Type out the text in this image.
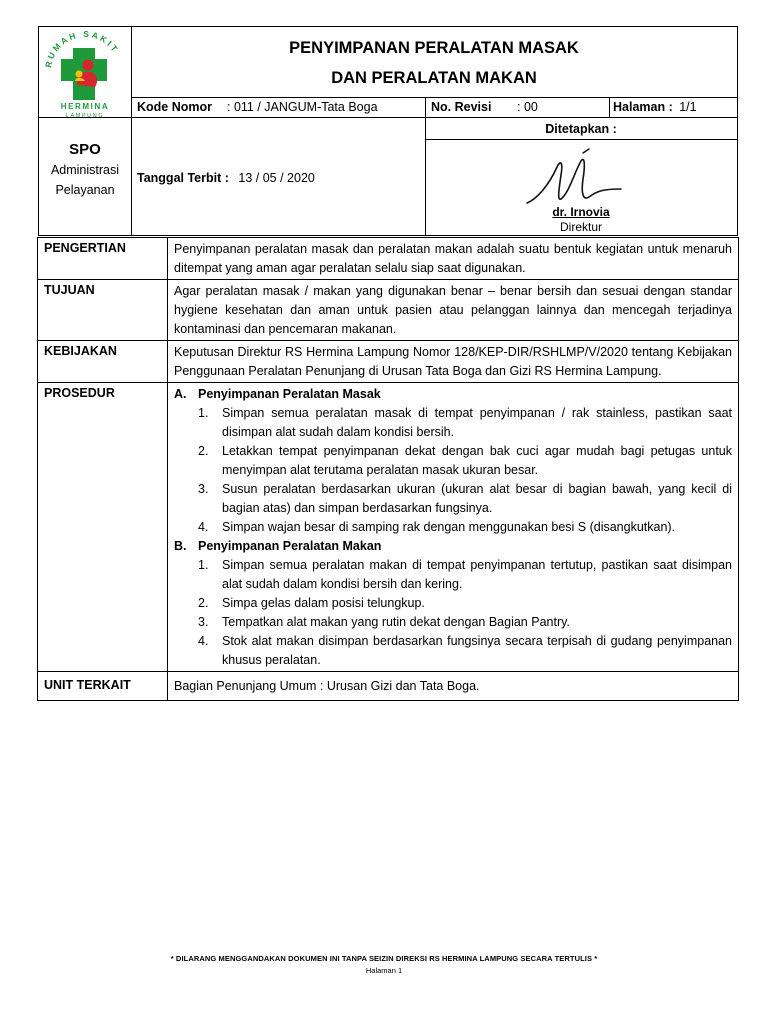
RUMAH SAKIT
HERMINA
LAMPUNG
PENYIMPANAN PERALATAN MASAK
DAN PERALATAN MAKAN
Kode Nomor : 011 / JANGUM-Tata Boga	No. Revisi : 00	Halaman : 1/1
SPO
Administrasi
Pelayanan
Tanggal Terbit : 13 / 05 / 2020
Ditetapkan :
dr. Irnovia
Direktur
PENGERTIAN	Penyimpanan peralatan masak dan peralatan makan adalah suatu bentuk kegiatan untuk menaruh ditempat yang aman agar peralatan selalu siap saat digunakan.
TUJUAN	Agar peralatan masak / makan yang digunakan benar – benar bersih dan sesuai dengan standar hygiene kesehatan dan aman untuk pasien atau pelanggan lainnya dan mencegah terjadinya kontaminasi dan pencemaran makanan.
KEBIJAKAN	Keputusan Direktur RS Hermina Lampung Nomor 128/KEP-DIR/RSHLMP/V/2020 tentang Kebijakan Penggunaan Peralatan Penunjang di Urusan Tata Boga dan Gizi RS Hermina Lampung.
PROSEDUR	A. Penyimpanan Peralatan Masak
1.	Simpan semua peralatan masak di tempat penyimpanan / rak stainless, pastikan saat disimpan alat sudah dalam kondisi bersih.
2.	Letakkan tempat penyimpanan dekat dengan bak cuci agar mudah bagi petugas untuk menyimpan alat terutama peralatan masak ukuran besar.
3.	Susun peralatan berdasarkan ukuran (ukuran alat besar di bagian bawah, yang kecil di bagian atas) dan simpan berdasarkan fungsinya.
4.	Simpan wajan besar di samping rak dengan menggunakan besi S (disangkutkan).
B. Penyimpanan Peralatan Makan
1.	Simpan semua peralatan makan di tempat penyimpanan tertutup, pastikan saat disimpan alat sudah dalam kondisi bersih dan kering.
2.	Simpa gelas dalam posisi telungkup.
3.	Tempatkan alat makan yang rutin dekat dengan Bagian Pantry.
4.	Stok alat makan disimpan berdasarkan fungsinya secara terpisah di gudang penyimpanan khusus peralatan.
UNIT TERKAIT	Bagian Penunjang Umum : Urusan Gizi dan Tata Boga.
* DILARANG MENGGANDAKAN DOKUMEN INI TANPA SEIZIN DIREKSI RS HERMINA LAMPUNG SECARA TERTULIS *
Halaman 1
